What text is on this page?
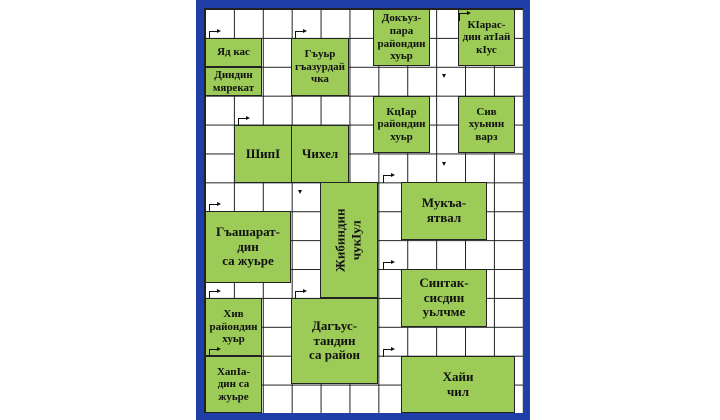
Докъуз-
пара
райондин
хуьр
КІарас-
дин атІай
кІус
Яд кас	Гъуьр
гъазурдай
чка
Диндин
мярекат
КцІар
райондин
хуьр
Сив
хуьнин
варз
ШипІ	Чихел
Гъашарат-
дин
са жуьре	Жибиндин
чукІул
Мукъа-
ятвал
Синтак-
сисдин
уьлчме
Хив
райондин
хуьр
Дагъус-
тандин
са район
ХапІа-
дин са
жуьре
Хайи
чил
